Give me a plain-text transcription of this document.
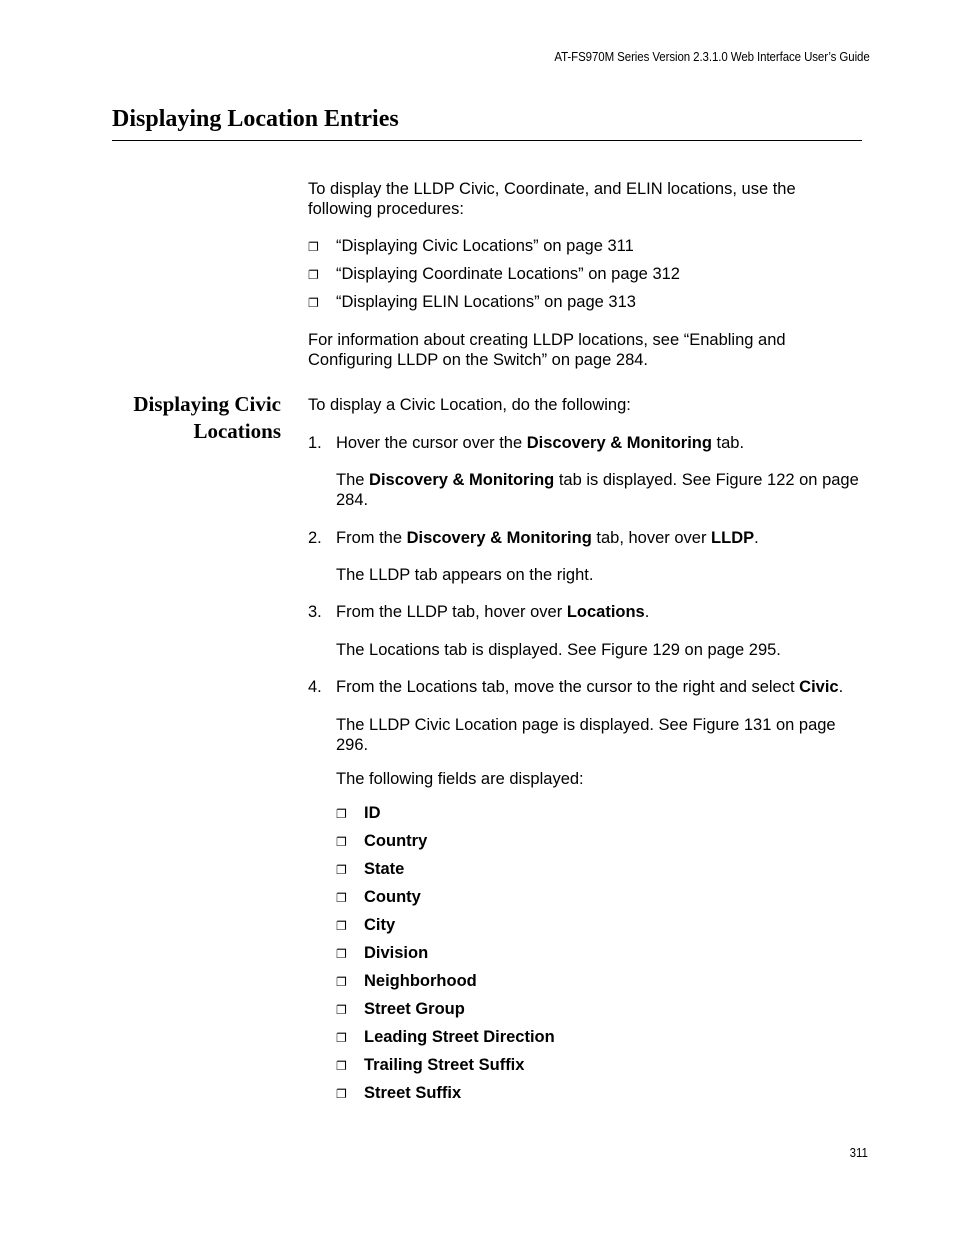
AT-FS970M Series Version 2.3.1.0 Web Interface User’s Guide
Displaying Location Entries

To display the LLDP Civic, Coordinate, and ELIN locations, use the following procedures:

❐	“Displaying Civic Locations” on page 311
❐	“Displaying Coordinate Locations” on page 312
❐	“Displaying ELIN Locations” on page 313

For information about creating LLDP locations, see “Enabling and Configuring LLDP on the Switch” on page 284.

Displaying Civic
Locations

To display a Civic Location, do the following:

1. Hover the cursor over the Discovery & Monitoring tab.
The Discovery & Monitoring tab is displayed. See Figure 122 on page 284.
2. From the Discovery & Monitoring tab, hover over LLDP.
The LLDP tab appears on the right.
3. From the LLDP tab, hover over Locations.
The Locations tab is displayed. See Figure 129 on page 295.
4. From the Locations tab, move the cursor to the right and select Civic.
The LLDP Civic Location page is displayed. See Figure 131 on page 296.
The following fields are displayed:
❐	ID
❐	Country
❐	State
❐	County
❐	City
❐	Division
❐	Neighborhood
❐	Street Group
❐	Leading Street Direction
❐	Trailing Street Suffix
❐	Street Suffix
311
